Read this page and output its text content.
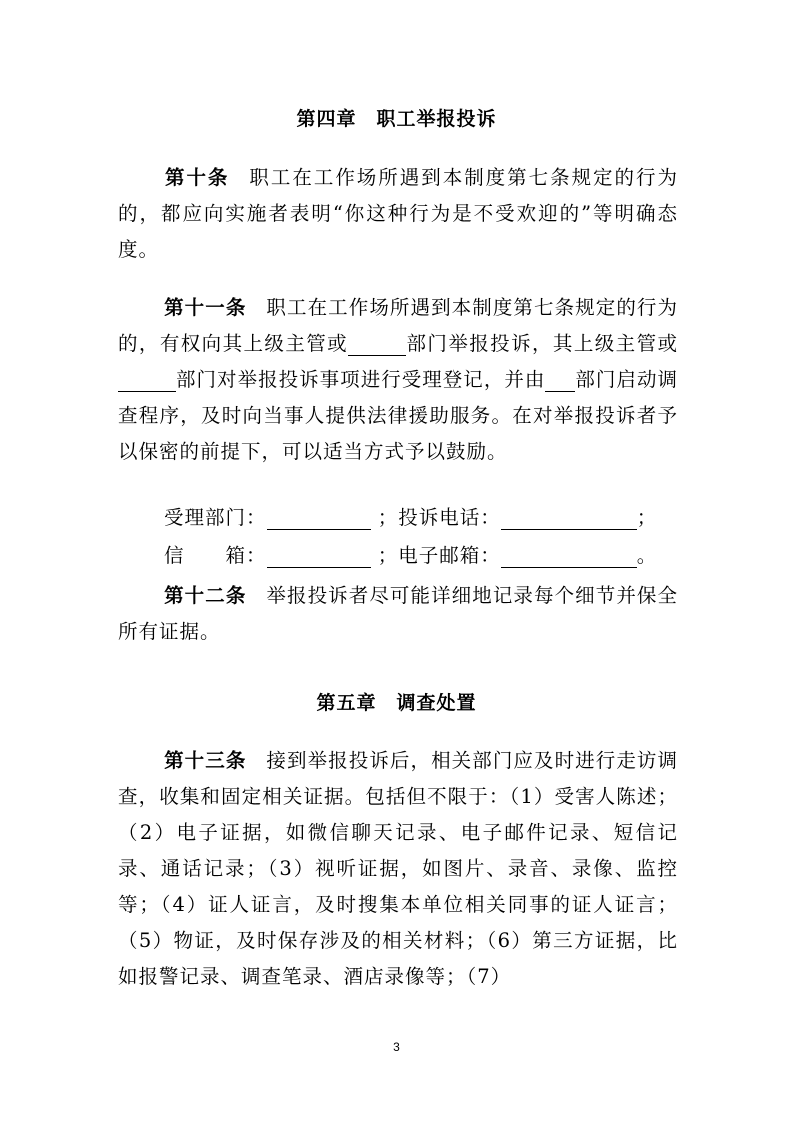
第四章　职工举报投诉
第十条 职工在工作场所遇到本制度第七条规定的行为的，都应向实施者表明“你这种行为是不受欢迎的”等明确态度。
第十一条 职工在工作场所遇到本制度第七条规定的行为的，有权向其上级主管或	部门举报投诉，其上级主管或部门对举报投诉事项进行受理登记，并由 部门启动调查程序，及时向当事人提供法律援助服务。在对举报投诉者予以保密的前提下，可以适当方式予以鼓励。
受理部门：	；投诉电话：	；
信　　箱：	；电子邮箱：	。
第十二条 举报投诉者尽可能详细地记录每个细节并保全所有证据。
第五章　调查处置
第十三条 接到举报投诉后，相关部门应及时进行走访调查，收集和固定相关证据。包括但不限于：（1）受害人陈述；（2）电子证据，如微信聊天记录、电子邮件记录、短信记录、通话记录；（3）视听证据，如图片、录音、录像、监控等；（4）证人证言，及时搜集本单位相关同事的证人证言；（5）物证，及时保存涉及的相关材料；（6）第三方证据，比如报警记录、调查笔录、酒店录像等；（7）
3
